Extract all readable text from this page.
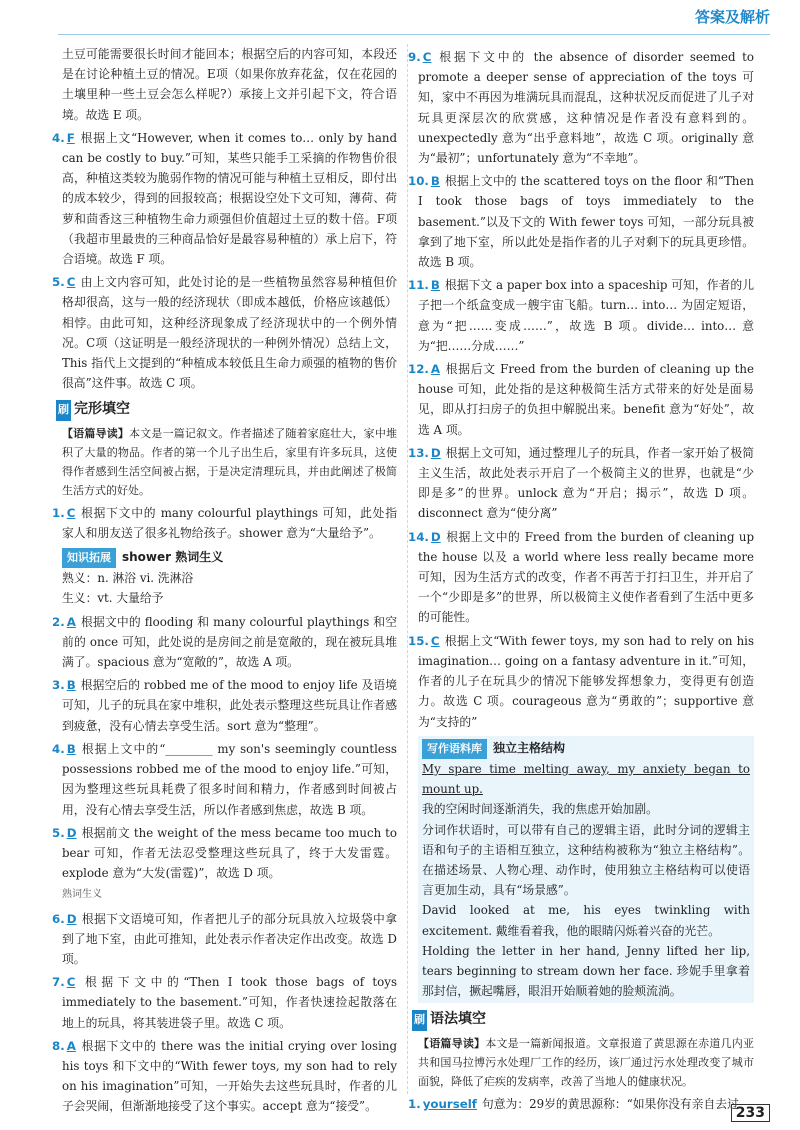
答案及解析

土豆可能需要很长时间才能回本；根据空后的内容可知，本段还是在讨论种植土豆的情况。E项（如果你放弃花盆，仅在花园的土壤里种一些土豆会怎么样呢?）承接上文并引起下文，符合语境。故选 E 项。

4. F 根据上文“However, when it comes to… only by hand can be costly to buy.”可知，某些只能手工采摘的作物售价很高，种植这类较为脆弱作物的情况可能与种植土豆相反，即付出的成本较少，得到的回报较高；根据设空处下文可知，薄荷、荷萝和茴香这三种植物生命力顽强但价值超过土豆的数十倍。F项（我超市里最贵的三种商品恰好是最容易种植的）承上启下，符合语境。故选 F 项。

5. C 由上文内容可知，此处讨论的是一些植物虽然容易种植但价格却很高，这与一般的经济现状（即成本越低，价格应该越低）相悖。由此可知，这种经济现象成了经济现状中的一个例外情况。C项（这证明是一般经济现状的一种例外情况）总结上文，This 指代上文提到的“种植成本较低且生命力顽强的植物的售价很高”这件事。故选 C 项。

刷 完形填空

【语篇导读】本文是一篇记叙文。作者描述了随着家庭壮大，家中堆积了大量的物品。作者的第一个儿子出生后，家里有许多玩具，这使得作者感到生活空间被占据，于是决定清理玩具，并由此阐述了极简生活方式的好处。

1. C 根据下文中的 many colourful playthings 可知，此处指家人和朋友送了很多礼物给孩子。shower 意为“大量给予”。

知识拓展 shower 熟词生义

熟义：n. 淋浴 vi. 洗淋浴

生义：vt. 大量给予

2. A 根据文中的 flooding 和 many colourful playthings 和空前的 once 可知，此处说的是房间之前是宽敞的，现在被玩具堆满了。spacious 意为“宽敞的”，故选 A 项。

3. B 根据空后的 robbed me of the mood to enjoy life 及语境可知，儿子的玩具在家中堆积，此处表示整理这些玩具让作者感到疲惫，没有心情去享受生活。sort 意为“整理”。

4. B 根据上文中的“________ my son's seemingly countless possessions robbed me of the mood to enjoy life.”可知，因为整理这些玩具耗费了很多时间和精力，作者感到时间被占用，没有心情去享受生活，所以作者感到焦虑，故选 B 项。

5. D 根据前文 the weight of the mess became too much to bear 可知，作者无法忍受整理这些玩具了，终于大发雷霆。explode 意为“大发(雷霆)”，故选 D 项。
熟词生义

6. D 根据下文语境可知，作者把儿子的部分玩具放入垃圾袋中拿到了地下室，由此可推知，此处表示作者决定作出改变。故选 D 项。

7. C 根据下文中的“Then I took those bags of toys immediately to the basement.”可知，作者快速捡起散落在地上的玩具，将其装进袋子里。故选 C 项。

8. A 根据下文中的 there was the initial crying over losing his toys 和下文中的“With fewer toys, my son had to rely on his imagination”可知，一开始失去这些玩具时，作者的儿子会哭闹，但渐渐地接受了这个事实。accept 意为“接受”。

9. C 根据下文中的 the absence of disorder seemed to promote a deeper sense of appreciation of the toys 可知，家中不再因为堆满玩具而混乱，这种状况反而促进了儿子对玩具更深层次的欣赏感，这种情况是作者没有意料到的。unexpectedly 意为“出乎意料地”，故选 C 项。originally 意为“最初”；unfortunately 意为“不幸地”。

10. B 根据上文中的 the scattered toys on the floor 和“Then I took those bags of toys immediately to the basement.”以及下文的 With fewer toys 可知，一部分玩具被拿到了地下室，所以此处是指作者的儿子对剩下的玩具更珍惜。故选 B 项。

11. B 根据下文 a paper box into a spaceship 可知，作者的儿子把一个纸盒变成一艘宇宙飞船。turn… into… 为固定短语，意为“把……变成……”，故选 B 项。divide… into… 意为“把……分成……”

12. A 根据后文 Freed from the burden of cleaning up the house 可知，此处指的是这种极简生活方式带来的好处是面易见，即从打扫房子的负担中解脱出来。benefit 意为“好处”，故选 A 项。

13. D 根据上文可知，通过整理儿子的玩具，作者一家开始了极简主义生活，故此处表示开启了一个极简主义的世界，也就是“少即是多”的世界。unlock 意为“开启；揭示”，故选 D 项。disconnect 意为“使分离”

14. D 根据上文中的 Freed from the burden of cleaning up the house 以及 a world where less really became more 可知，因为生活方式的改变，作者不再苦于打扫卫生，并开启了一个“少即是多”的世界，所以极简主义使作者看到了生活中更多的可能性。

15. C 根据上文“With fewer toys, my son had to rely on his imagination… going on a fantasy adventure in it.”可知，作者的儿子在玩具少的情况下能够发挥想象力，变得更有创造力。故选 C 项。courageous 意为“勇敢的”；supportive 意为“支持的”

写作语料库 独立主格结构

My spare time melting away, my anxiety began to mount up.

我的空闲时间逐渐消失，我的焦虑开始加剧。

分词作状语时，可以带有自己的逻辑主语，此时分词的逻辑主语和句子的主语相互独立，这种结构被称为“独立主格结构”。在描述场景、人物心理、动作时，使用独立主格结构可以使语言更加生动，具有“场景感”。

David looked at me, his eyes twinkling with excitement. 戴维看着我，他的眼睛闪烁着兴奋的光芒。

Holding the letter in her hand, Jenny lifted her lip, tears beginning to stream down her face. 珍妮手里拿着那封信，撅起嘴唇，眼泪开始顺着她的脸颊流淌。

刷 语法填空

【语篇导读】本文是一篇新闻报道。文章报道了黄思源在赤道几内亚共和国马拉博污水处理厂工作的经历，该厂通过污水处理改变了城市面貌，降低了疟疾的发病率，改善了当地人的健康状况。

1. yourself 句意为：29岁的黄思源称：“如果你没有亲自去过

233
